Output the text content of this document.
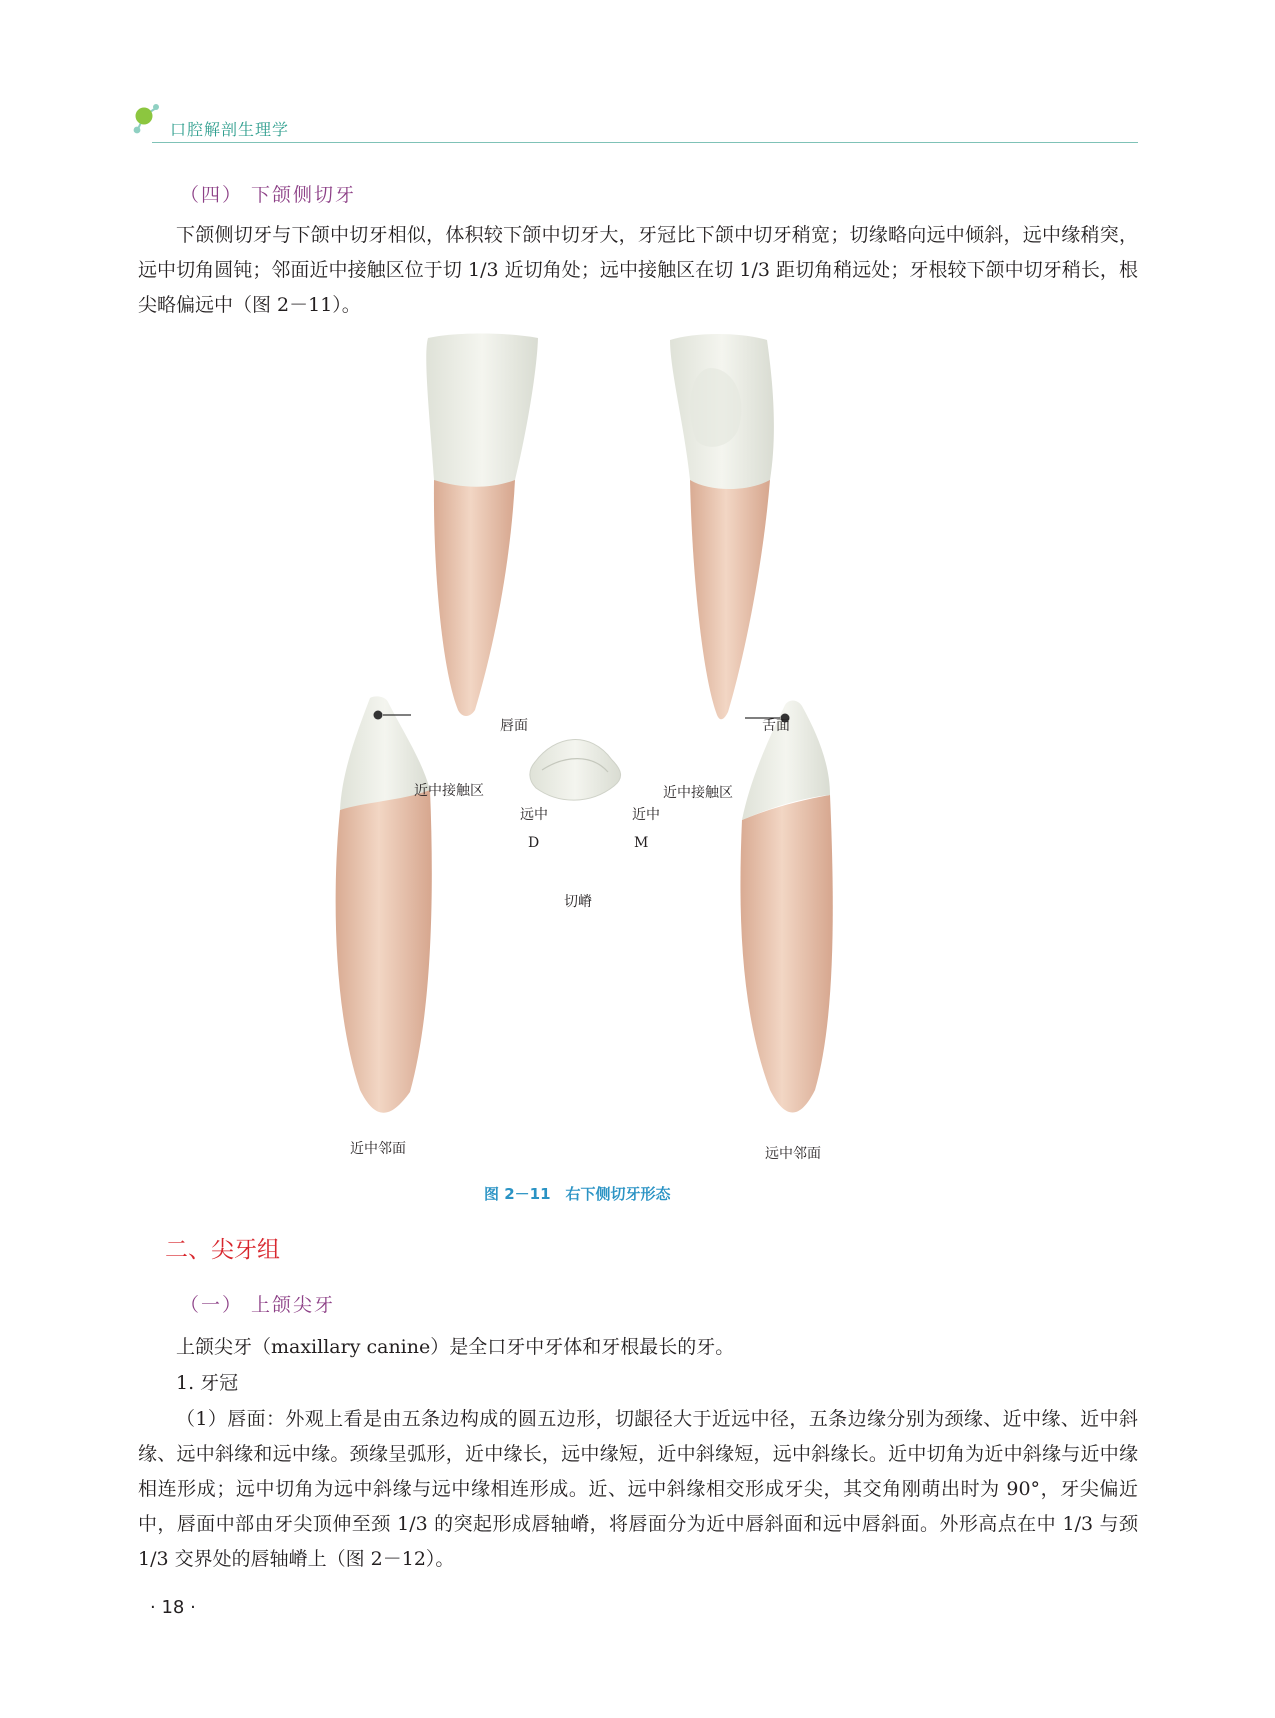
口腔解剖生理学
（四） 下颌侧切牙
下颌侧切牙与下颌中切牙相似，体积较下颌中切牙大，牙冠比下颌中切牙稍宽；切缘略向远中倾斜，远中缘稍突，远中切角圆钝；邻面近中接触区位于切 1/3 近切角处；远中接触区在切 1/3 距切角稍远处；牙根较下颌中切牙稍长，根尖略偏远中（图 2－11）。
唇面	舌面
近中接触区	近中接触区
远中
D
近中
M
切嵴
近中邻面	远中邻面
图 2－11　右下侧切牙形态
二、尖牙组
（一） 上颌尖牙
上颌尖牙（maxillary canine）是全口牙中牙体和牙根最长的牙。
1. 牙冠
（1）唇面：外观上看是由五条边构成的圆五边形，切龈径大于近远中径，五条边缘分别为颈缘、近中缘、近中斜缘、远中斜缘和远中缘。颈缘呈弧形，近中缘长，远中缘短，近中斜缘短，远中斜缘长。近中切角为近中斜缘与近中缘相连形成；远中切角为远中斜缘与远中缘相连形成。近、远中斜缘相交形成牙尖，其交角刚萌出时为 90°，牙尖偏近中，唇面中部由牙尖顶伸至颈 1/3 的突起形成唇轴嵴，将唇面分为近中唇斜面和远中唇斜面。外形高点在中 1/3 与颈 1/3 交界处的唇轴嵴上（图 2－12）。
· 18 ·
